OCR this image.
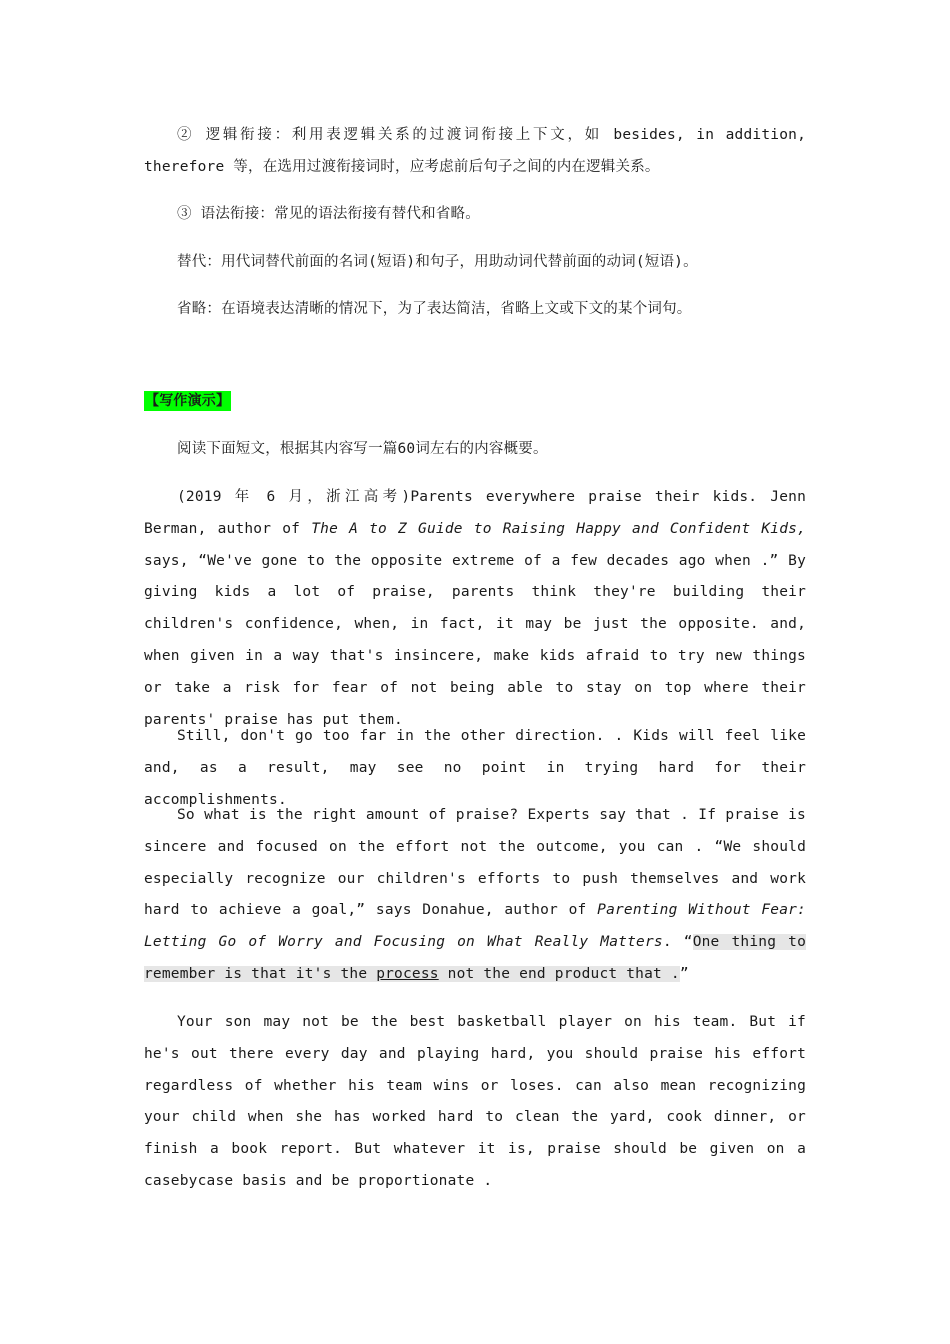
② 逻辑衔接：利用表逻辑关系的过渡词衔接上下文，如 besides, in addition, therefore 等，在选用过渡衔接词时，应考虑前后句子之间的内在逻辑关系。
③ 语法衔接：常见的语法衔接有替代和省略。
替代：用代词替代前面的名词(短语)和句子，用助动词代替前面的动词(短语)。
省略：在语境表达清晰的情况下，为了表达简洁，省略上文或下文的某个词句。
【写作演示】
阅读下面短文，根据其内容写一篇60词左右的内容概要。
(2019 年 6 月，浙江高考)Parents everywhere praise their kids. Jenn Berman, author of The A to Z Guide to Raising Happy and Confident Kids, says, “We've gone to the opposite extreme of a few decades ago when .” By giving kids a lot of praise, parents think they're building their children's confidence, when, in fact, it may be just the opposite. and, when given in a way that's insincere, make kids afraid to try new things or take a risk for fear of not being able to stay on top where their parents' praise has put them.
Still, don't go too far in the other direction. . Kids will feel like and, as a result, may see no point in trying hard for their accomplishments.
So what is the right amount of praise? Experts say that . If praise is sincere and focused on the effort not the outcome, you can . “We should especially recognize our children's efforts to push themselves and work hard to achieve a goal,” says Donahue, author of Parenting Without Fear: Letting Go of Worry and Focusing on What Really Matters. “One thing to remember is that it's the process not the end product that .”
Your son may not be the best basketball player on his team. But if he's out there every day and playing hard, you should praise his effort regardless of whether his team wins or loses. can also mean recognizing your child when she has worked hard to clean the yard, cook dinner, or finish a book report. But whatever it is, praise should be given on a casebycase basis and be proportionate .
